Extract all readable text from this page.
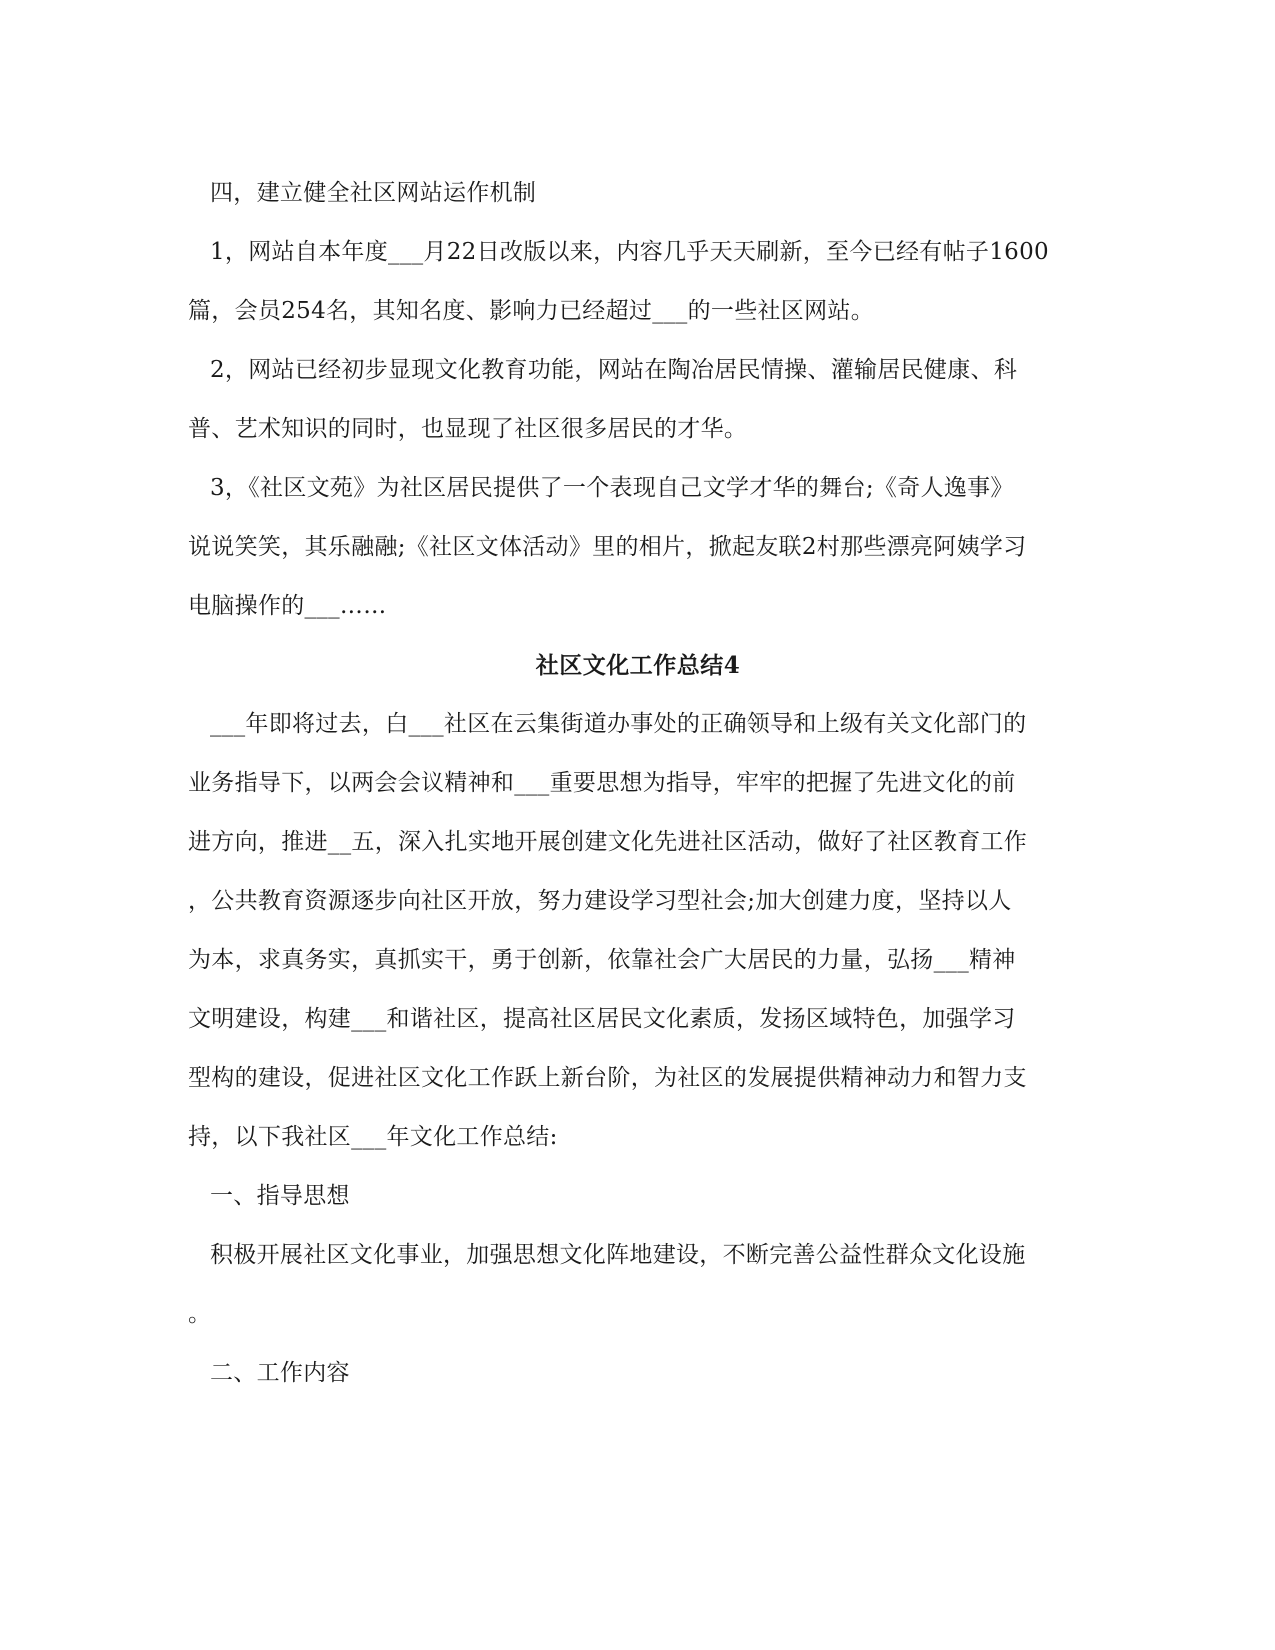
四，建立健全社区网站运作机制
1，网站自本年度___月22日改版以来，内容几乎天天刷新，至今已经有帖子1600
篇，会员254名，其知名度、影响力已经超过___的一些社区网站。
2，网站已经初步显现文化教育功能，网站在陶冶居民情操、灌输居民健康、科
普、艺术知识的同时，也显现了社区很多居民的才华。
3，《社区文苑》为社区居民提供了一个表现自己文学才华的舞台;《奇人逸事》
说说笑笑，其乐融融;《社区文体活动》里的相片，掀起友联2村那些漂亮阿姨学习
电脑操作的___……
社区文化工作总结4
___年即将过去，白___社区在云集街道办事处的正确领导和上级有关文化部门的
业务指导下，以两会会议精神和___重要思想为指导，牢牢的把握了先进文化的前
进方向，推进__五，深入扎实地开展创建文化先进社区活动，做好了社区教育工作
，公共教育资源逐步向社区开放，努力建设学习型社会;加大创建力度，坚持以人
为本，求真务实，真抓实干，勇于创新，依靠社会广大居民的力量，弘扬___精神
文明建设，构建___和谐社区，提高社区居民文化素质，发扬区域特色，加强学习
型构的建设，促进社区文化工作跃上新台阶，为社区的发展提供精神动力和智力支
持，以下我社区___年文化工作总结:
一、指导思想
积极开展社区文化事业，加强思想文化阵地建设，不断完善公益性群众文化设施
。
二、工作内容
